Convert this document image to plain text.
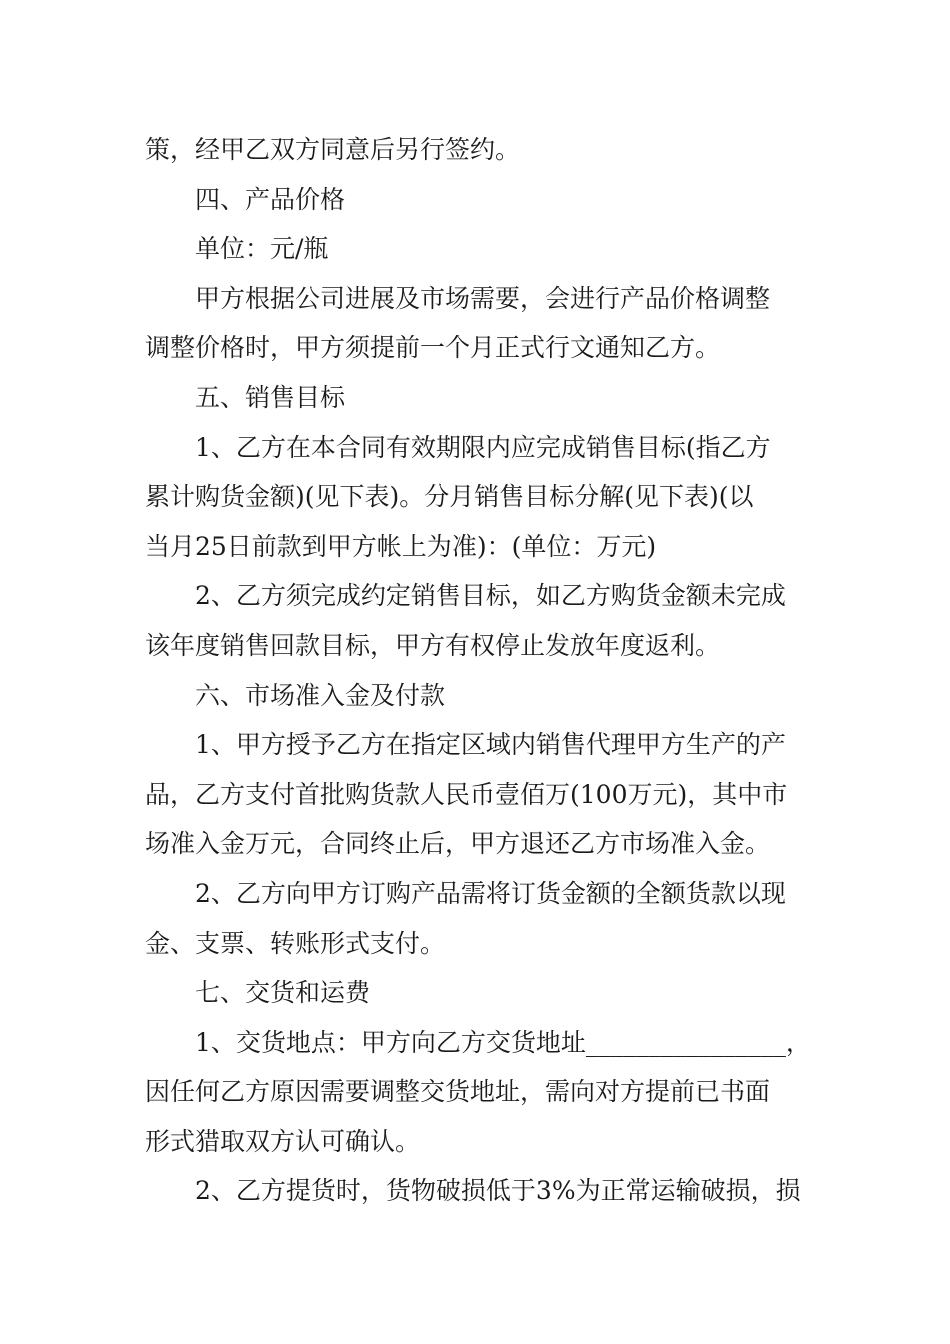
策，经甲乙双方同意后另行签约。
四、产品价格
单位：元/瓶
甲方根据公司进展及市场需要，会进行产品价格调整
调整价格时，甲方须提前一个月正式行文通知乙方。
五、销售目标
1、乙方在本合同有效期限内应完成销售目标(指乙方
累计购货金额)(见下表)。分月销售目标分解(见下表)(以
当月25日前款到甲方帐上为准)：(单位：万元)
2、乙方须完成约定销售目标，如乙方购货金额未完成
该年度销售回款目标，甲方有权停止发放年度返利。
六、市场准入金及付款
1、甲方授予乙方在指定区域内销售代理甲方生产的产
品，乙方支付首批购货款人民币壹佰万(100万元)，其中市
场准入金万元，合同终止后，甲方退还乙方市场准入金。
2、乙方向甲方订购产品需将订货金额的全额货款以现
金、支票、转账形式支付。
七、交货和运费
1、交货地点：甲方向乙方交货地址________________，
因任何乙方原因需要调整交货地址，需向对方提前已书面
形式猎取双方认可确认。
2、乙方提货时，货物破损低于3%为正常运输破损，损
